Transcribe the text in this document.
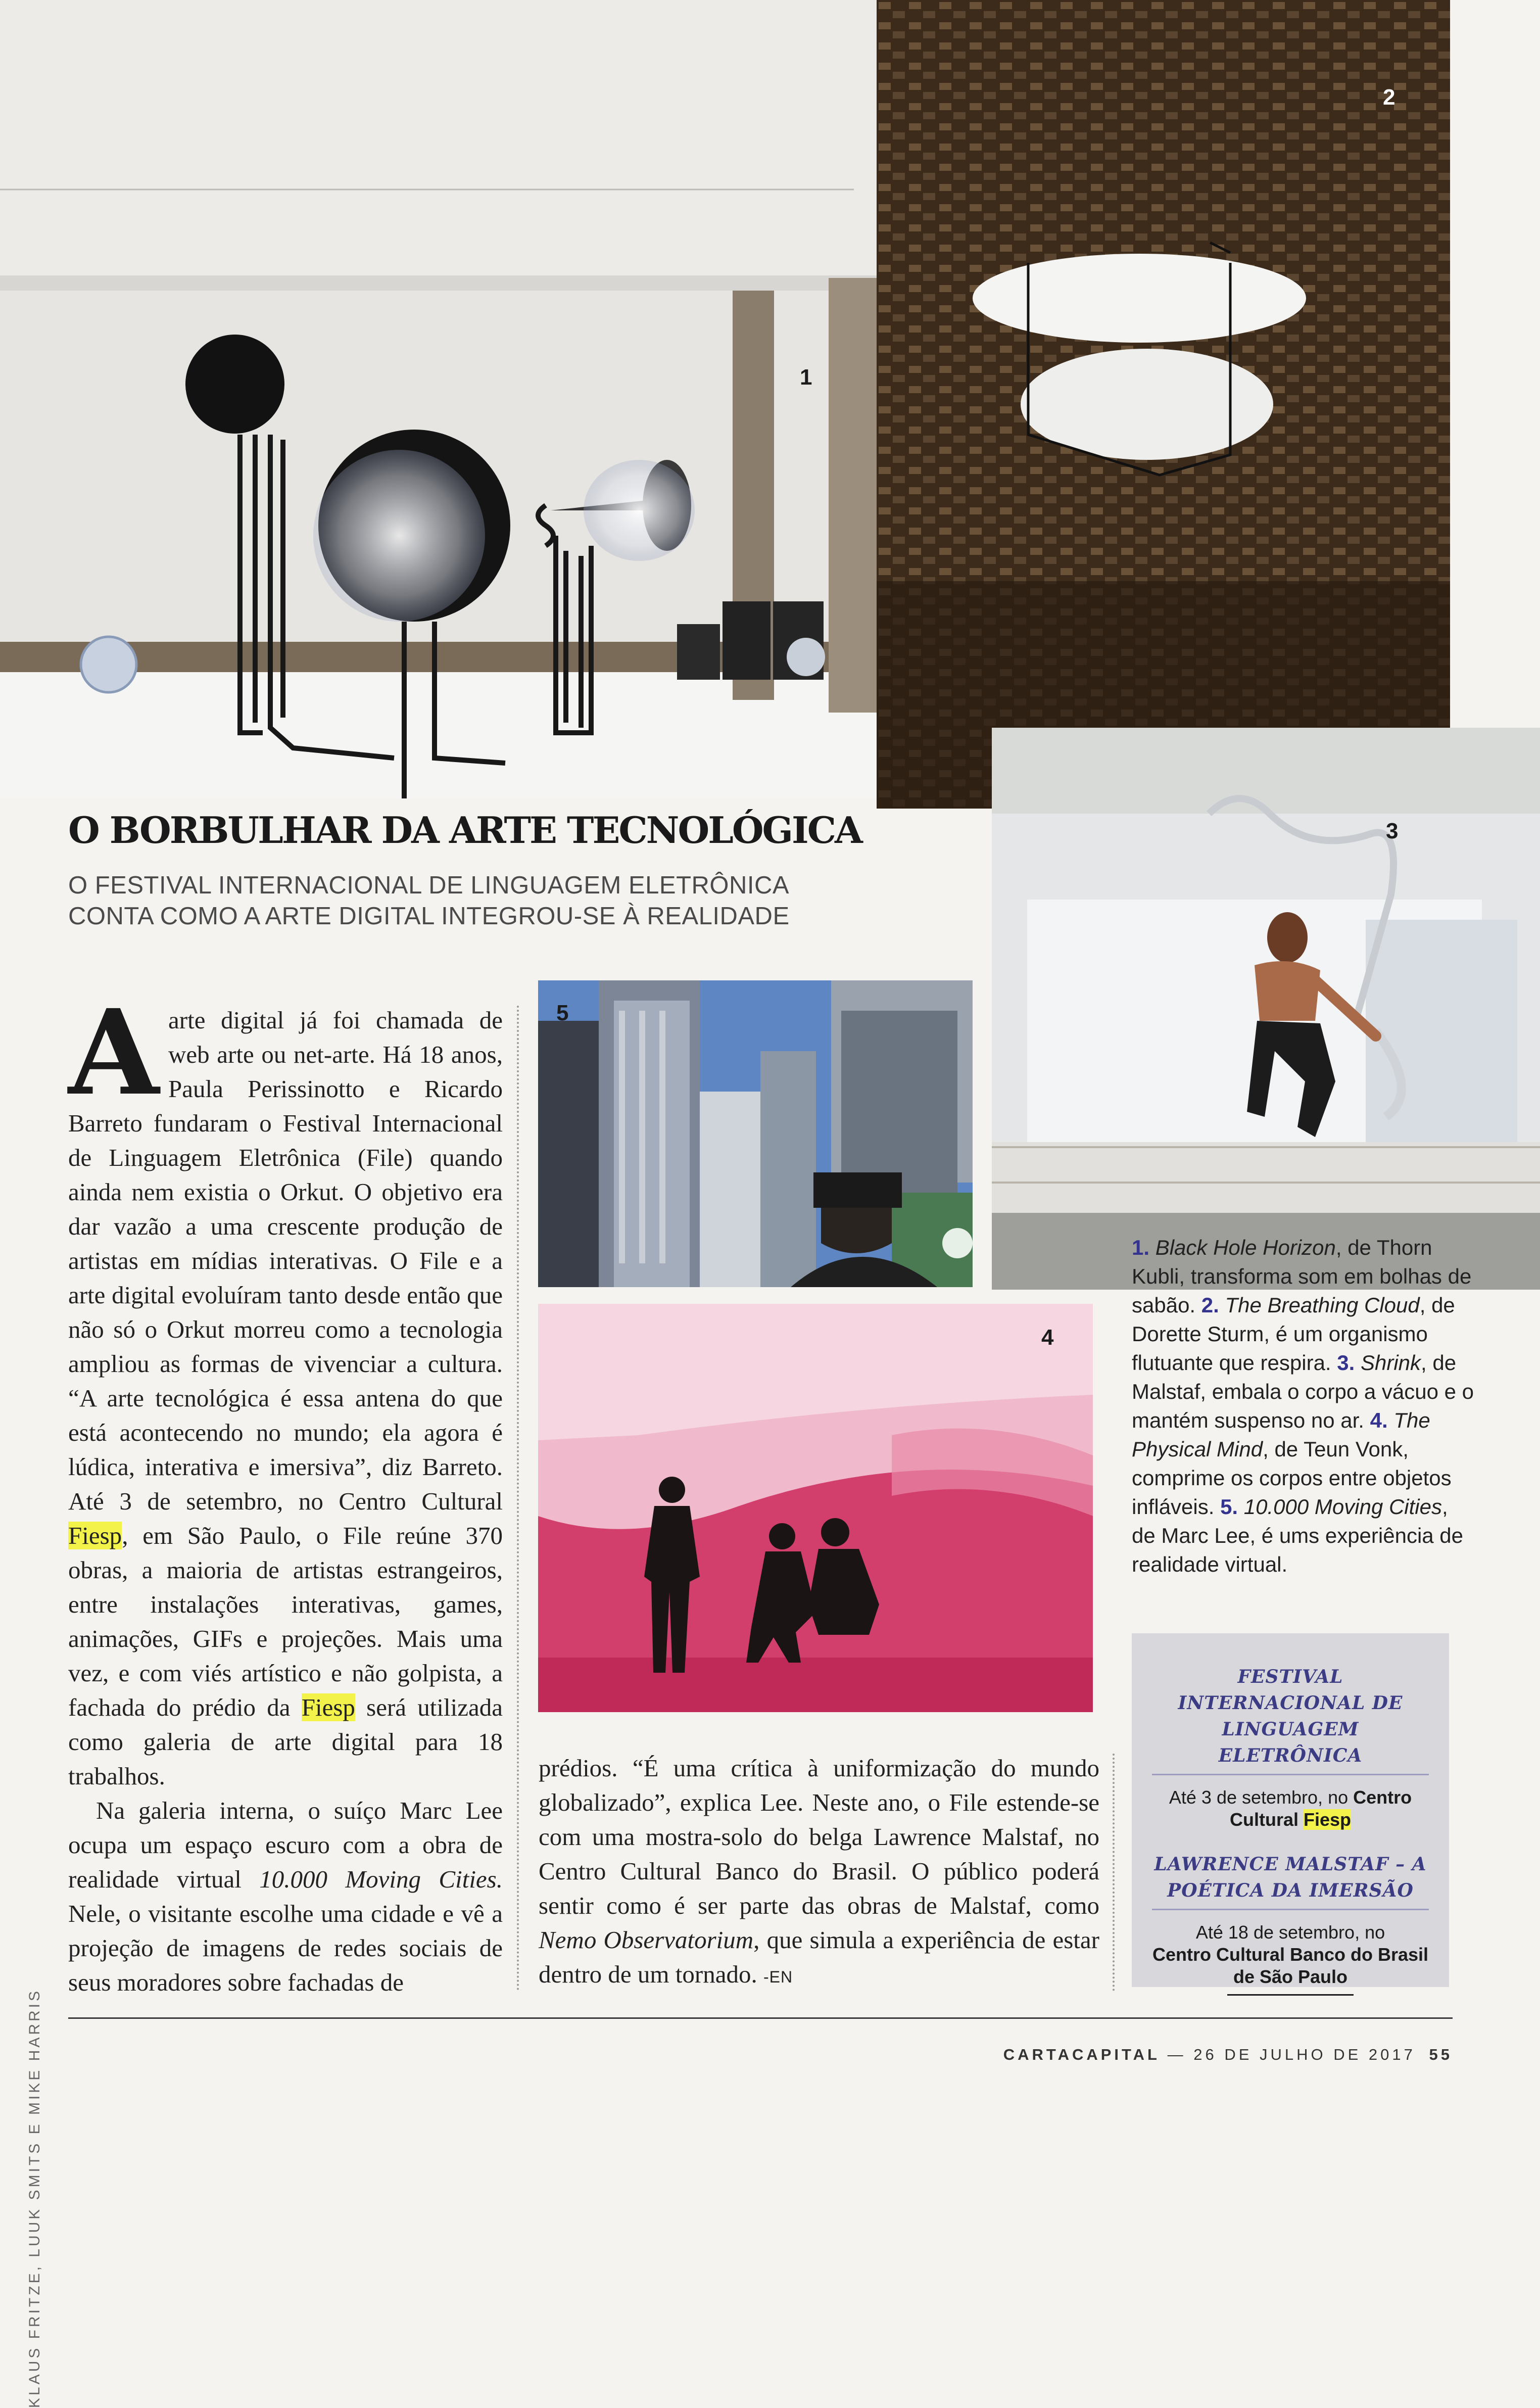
1
2
3
5
4
O BORBULHAR DA ARTE TECNOLÓGICA
O FESTIVAL INTERNACIONAL DE LINGUAGEM ELETRÔNICA CONTA COMO A ARTE DIGITAL INTEGROU-SE À REALIDADE
A arte digital já foi chamada de web arte ou net-arte. Há 18 anos, Paula Perissinotto e Ricardo Barreto fundaram o Festival Internacional de Linguagem Eletrônica (File) quando ainda nem existia o Orkut. O objetivo era dar vazão a uma crescente produção de artistas em mídias interativas. O File e a arte digital evoluíram tanto desde então que não só o Orkut morreu como a tecnologia ampliou as formas de vivenciar a cultura. “A arte tecnológica é essa antena do que está acontecendo no mundo; ela agora é lúdica, interativa e imersiva”, diz Barreto. Até 3 de setembro, no Centro Cultural Fiesp, em São Paulo, o File reúne 370 obras, a maioria de artistas estrangeiros, entre instalações interativas, games, animações, GIFs e projeções. Mais uma vez, e com viés artístico e não golpista, a fachada do prédio da Fiesp será utilizada como galeria de arte digital para 18 trabalhos.
Na galeria interna, o suíço Marc Lee ocupa um espaço escuro com a obra de realidade virtual 10.000 Moving Cities. Nele, o visitante escolhe uma cidade e vê a projeção de imagens de redes sociais de seus moradores sobre fachadas de
prédios. “É uma crítica à uniformização do mundo globalizado”, explica Lee. Neste ano, o File estende-se com uma mostra-solo do belga Lawrence Malstaf, no Centro Cultural Banco do Brasil. O público poderá sentir como é ser parte das obras de Malstaf, como Nemo Observatorium, que simula a experiência de estar dentro de um tornado. -EN
1. Black Hole Horizon, de Thorn Kubli, transforma som em bolhas de sabão. 2. The Breathing Cloud, de Dorette Sturm, é um organismo flutuante que respira. 3. Shrink, de Malstaf, embala o corpo a vácuo e o mantém suspenso no ar. 4. The Physical Mind, de Teun Vonk, comprime os corpos entre objetos infláveis. 5. 10.000 Moving Cities, de Marc Lee, é ums experiência de realidade virtual.

FESTIVAL INTERNACIONAL DE LINGUAGEM ELETRÔNICA

Até 3 de setembro, no Centro Cultural Fiesp

LAWRENCE MALSTAF – A POÉTICA DA IMERSÃO

Até 18 de setembro, no
Centro Cultural Banco do Brasil de São Paulo
KLAUS FRITZE, LUUK SMITS E MIKE HARRIS	CARTACAPITAL — 26 DE JULHO DE 2017 55
